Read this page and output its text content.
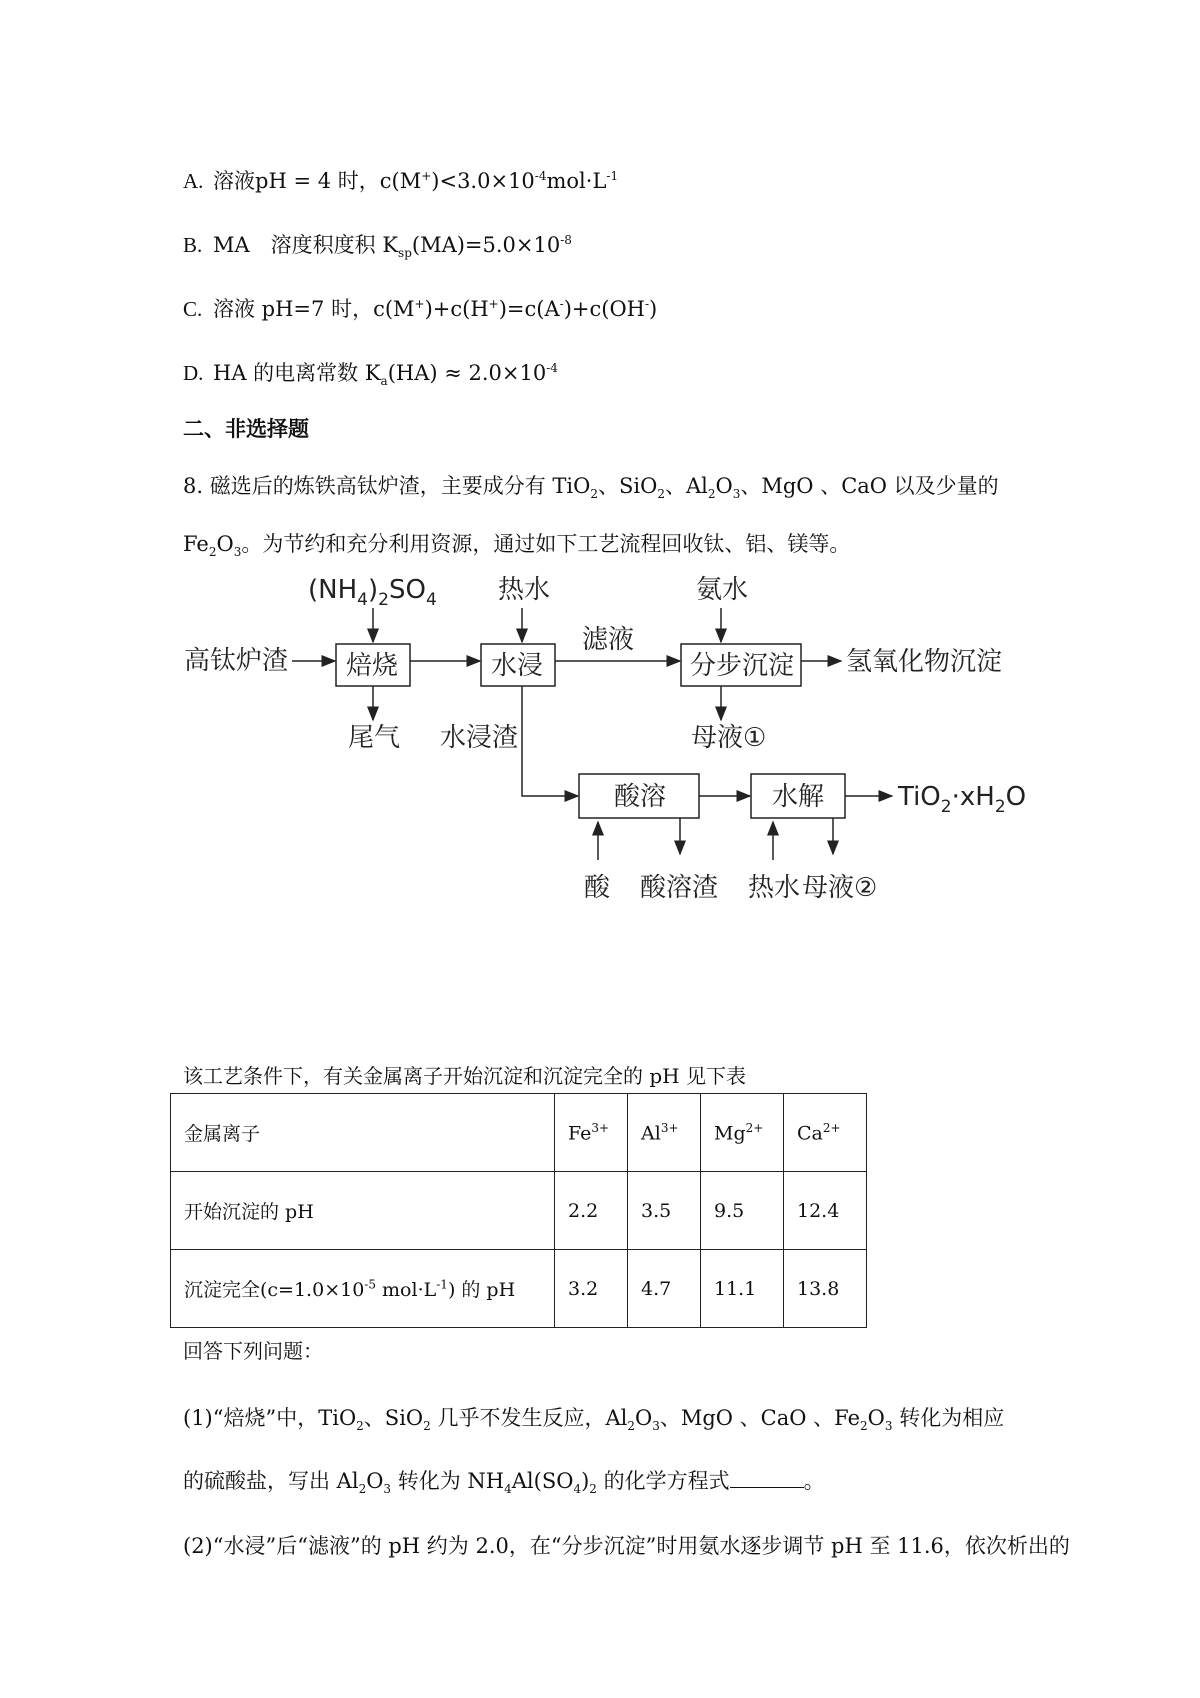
A. 溶液pH = 4 时，$c(M^+)<3.0\times 10^{-4}mol\cdot L^{-1}$
B. MA　溶度积度积 $K_{sp}(MA)=5.0\times 10^{-8}$
C. 溶液 pH=7 时，c(M+)+c(H+)=c(A-)+c(OH-)
D. HA 的电离常数 $K_a(HA) \approx 2.0\times 10^{-4}$
二、非选择题
8. 磁选后的炼铁高钛炉渣，主要成分有 TiO$_2$、SiO$_2$、$Al_2O_3$、MgO 、CaO 以及少量的
$Fe_2O_3$。为节约和充分利用资源，通过如下工艺流程回收钛、铝、镁等。
$(NH_4)_2SO_4$ 热水	氨水
高钛炉渣 焙烧
尾气
水浸
滤液
水浸渣
分步沉淀 氢氧化物沉淀
母液①
酸溶	水解	$TiO_2\cdot xH_2O$
酸 酸溶渣 热水 母液②
该工艺条件下，有关金属离子开始沉淀和沉淀完全的 pH 见下表
金属离子	$Fe^{3+}$	$Al^{3+}$	$Mg^{2+}$	$Ca^{2+}$
开始沉淀的 pH	2.2	3.5	9.5	12.4
沉淀完全($c=1.0\times 10^{-5}$ $mol\cdot L^{-1}$) 的 pH	3.2	4.7	11.1	13.8
回答下列问题：
(1)“焙烧”中，TiO$_2$、SiO$_2$ 几乎不发生反应，$Al_2O_3$、MgO 、CaO 、$Fe_2O_3$ 转化为相应
的硫酸盐，写出 $Al_2O_3$ 转化为 $NH_4Al(SO_4)_2$ 的化学方程式	。
(2)“水浸”后“滤液”的 pH 约为 2.0，在“分步沉淀”时用氨水逐步调节 pH 至 11.6，依次析出的
